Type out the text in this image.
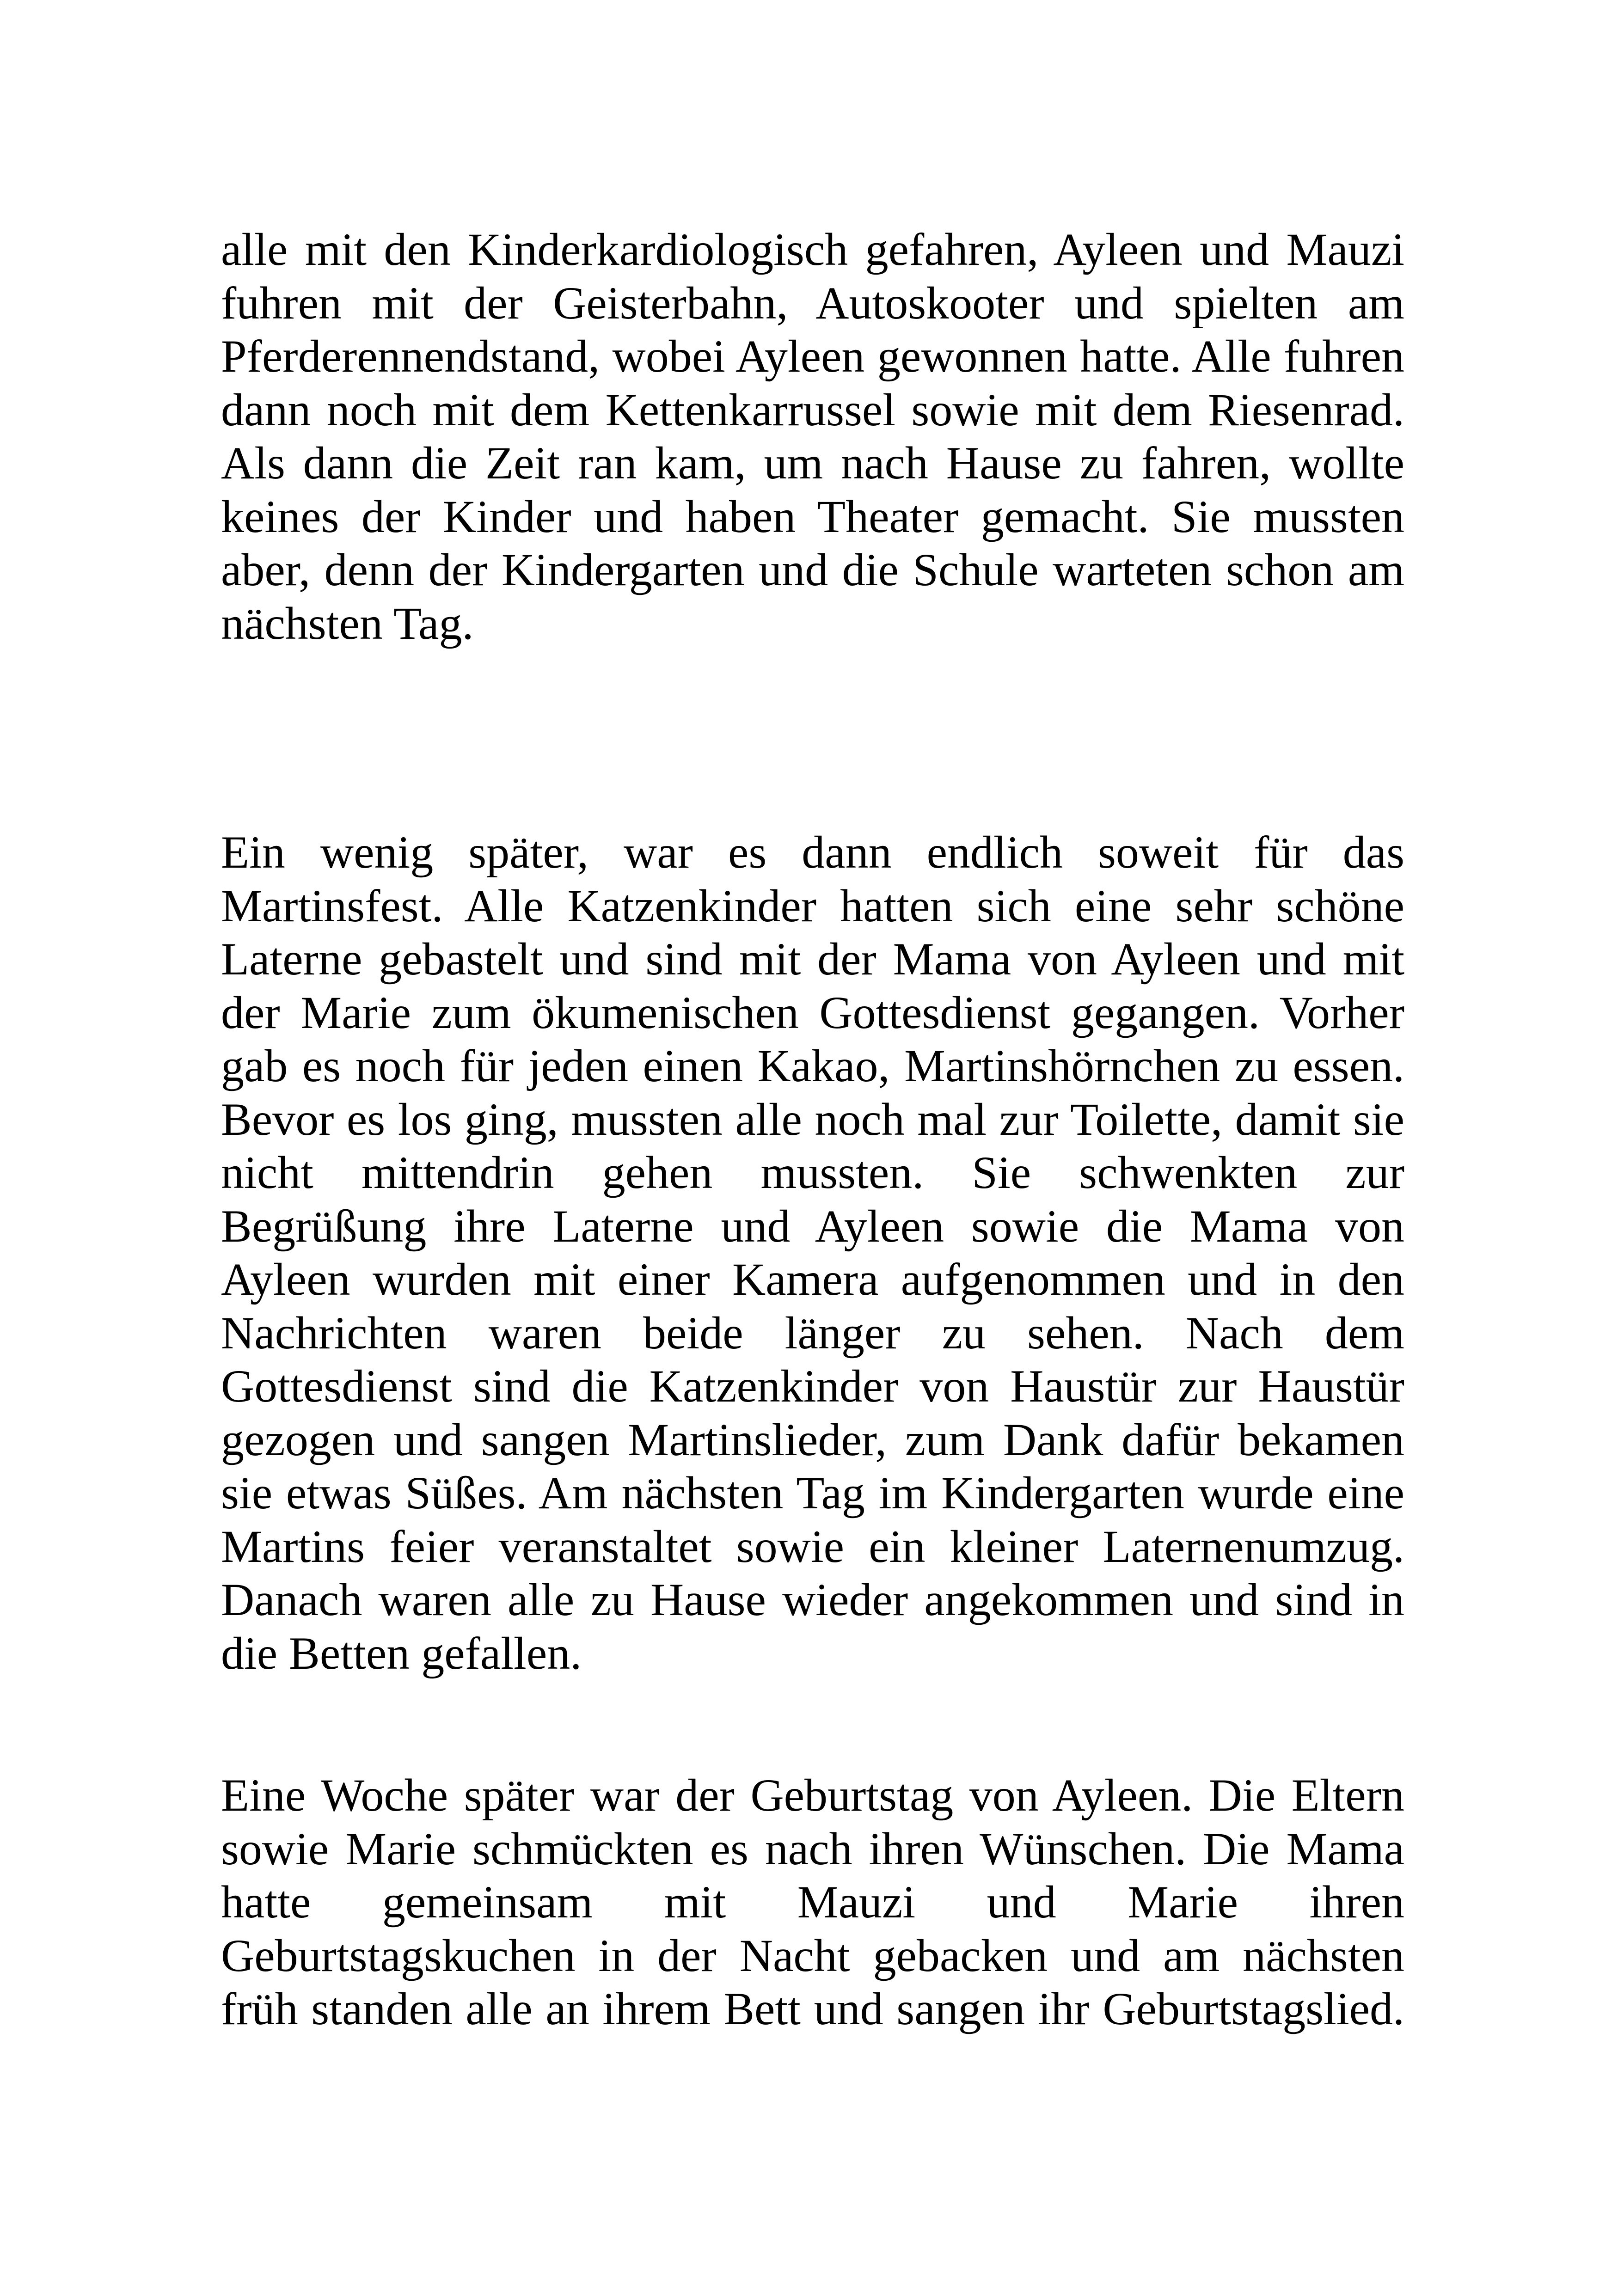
alle mit den Kinderkardiologisch gefahren, Ayleen und Mauzi
fuhren mit der Geisterbahn, Autoskooter und spielten am
Pferderennendstand, wobei Ayleen gewonnen hatte. Alle fuhren
dann noch mit dem Kettenkarrussel sowie mit dem Riesenrad.
Als dann die Zeit ran kam, um nach Hause zu fahren, wollte
keines der Kinder und haben Theater gemacht. Sie mussten
aber, denn der Kindergarten und die Schule warteten schon am
nächsten Tag.
Ein wenig später, war es dann endlich soweit für das
Martinsfest. Alle Katzenkinder hatten sich eine sehr schöne
Laterne gebastelt und sind mit der Mama von Ayleen und mit
der Marie zum ökumenischen Gottesdienst gegangen. Vorher
gab es noch für jeden einen Kakao, Martinshörnchen zu essen.
Bevor es los ging, mussten alle noch mal zur Toilette, damit sie
nicht mittendrin gehen mussten. Sie schwenkten zur
Begrüßung ihre Laterne und Ayleen sowie die Mama von
Ayleen wurden mit einer Kamera aufgenommen und in den
Nachrichten waren beide länger zu sehen. Nach dem
Gottesdienst sind die Katzenkinder von Haustür zur Haustür
gezogen und sangen Martinslieder, zum Dank dafür bekamen
sie etwas Süßes. Am nächsten Tag im Kindergarten wurde eine
Martins feier veranstaltet sowie ein kleiner Laternenumzug.
Danach waren alle zu Hause wieder angekommen und sind in
die Betten gefallen.
Eine Woche später war der Geburtstag von Ayleen. Die Eltern
sowie Marie schmückten es nach ihren Wünschen. Die Mama
hatte gemeinsam mit Mauzi und Marie ihren
Geburtstagskuchen in der Nacht gebacken und am nächsten
früh standen alle an ihrem Bett und sangen ihr Geburtstagslied.
